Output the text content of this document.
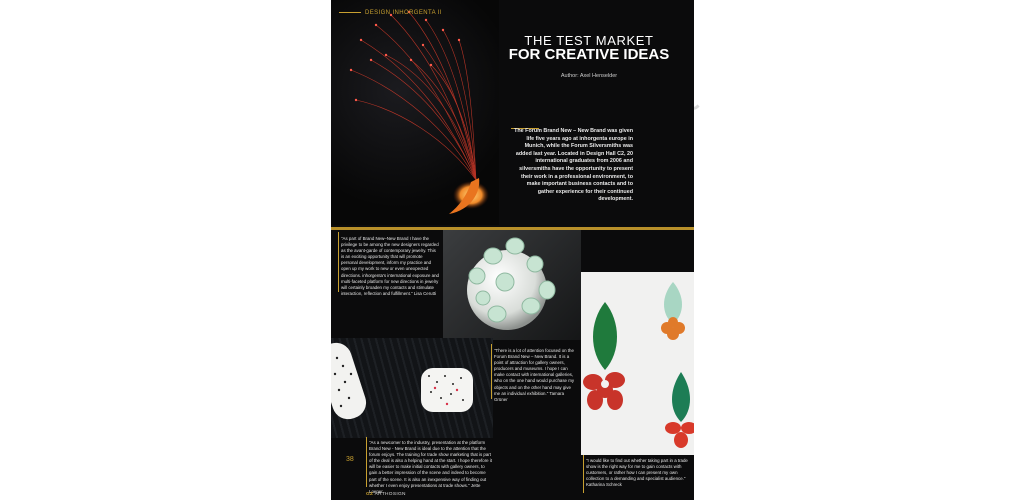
DESIGN INHORGENTA II
THE TEST MARKET
FOR CREATIVE IDEAS
Author: Axel Henselder
The Forum Brand New – New Brand was given life five years ago at inhorgenta europe in Munich, while the Forum Silversmiths was added last year. Located in Design Hall C2, 20 international graduates from 2006 and silversmiths have the opportunity to present their work in a professional environment, to make important business contacts and to gather experience for their continued development.
"As part of Brand New–New Brand I have the privilege to be among the new designers regarded as the avant-garde of contemporary jewelry. This is an exciting opportunity that will promote personal development, inform my practice and open up my work to new or even unexpected directions. inhorgenta's international exposure and multi-faceted platform for new directions in jewelry will certainly broaden my contacts and stimulate interaction, reflection and fulfillment." Lisa Cerutti
"There is a lot of attention focused on the Forum Brand New – New Brand. It is a point of attraction for gallery owners, producers and museums. I hope I can make contact with international galleries, who on the one hand would purchase my objects and on the other hand may give me an individual exhibition." Tamara Grüner
"As a newcomer to the industry, presentation at the platform Brand New - New Brand is ideal due to the attention that the forum enjoys. The training for trade show marketing that is part of the deal is also a helping hand at the start. I hope therefore it will be easier to make initial contacts with gallery owners, to gain a better impression of the scene and indeed to become part of the scene. It is also an inexpensive way of finding out whether I even enjoy presentations at trade shows." Jette Loeper
"I would like to find out whether taking part in a trade show is the right way for me to gain contacts with customers, or rather how I can present my own collection to a demanding and specialist audience." Katharina Schreck
38
GZ ARTHOSIGN
